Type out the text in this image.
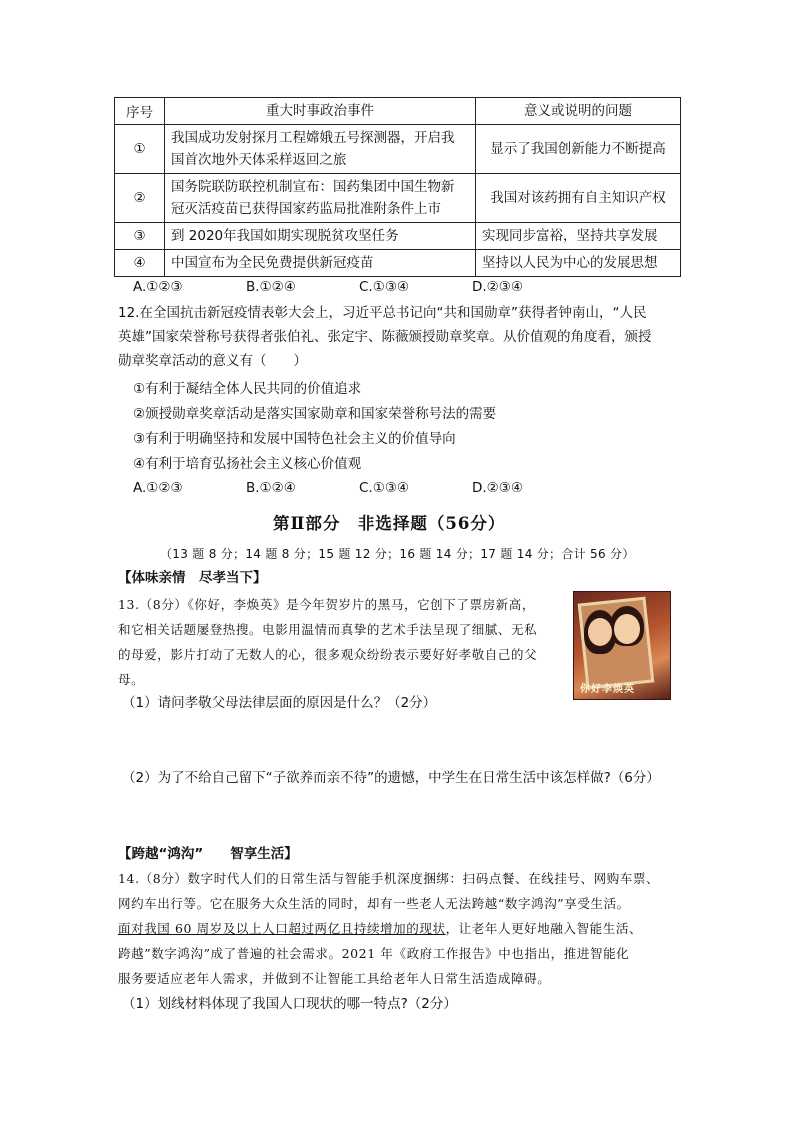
序号	重大时事政治事件	意义或说明的问题
①	我国成功发射探月工程嫦娥五号探测器，开启我
国首次地外天体采样返回之旅	显示了我国创新能力不断提高
②	国务院联防联控机制宣布：国药集团中国生物新
冠灭活疫苗已获得国家药监局批准附条件上市	我国对该药拥有自主知识产权
③	到 2020年我国如期实现脱贫攻坚任务	实现同步富裕，坚持共享发展
④	中国宣布为全民免费提供新冠疫苗	坚持以人民为中心的发展思想
A.①②③	B.①②④	C.①③④	D.②③④
12.在全国抗击新冠疫情表彰大会上，习近平总书记向“共和国勋章”获得者钟南山，“人民
英雄”国家荣誉称号获得者张伯礼、张定宇、陈薇颁授勋章奖章。从价值观的角度看，颁授
勋章奖章活动的意义有（　　）
①有利于凝结全体人民共同的价值追求
②颁授勋章奖章活动是落实国家勋章和国家荣誉称号法的需要
③有利于明确坚持和发展中国特色社会主义的价值导向
④有利于培育弘扬社会主义核心价值观
A.①②③	B.①②④	C.①③④	D.②③④
第Ⅱ部分　非选择题（56分）
（13 题 8 分；14 题 8 分；15 题 12 分；16 题 14 分；17 题 14 分；合计 56 分）
【体味亲情　尽孝当下】
13.（8分）《你好，李焕英》是今年贺岁片的黑马，它创下了票房新高，
和它相关话题屡登热搜。电影用温情而真挚的艺术手法呈现了细腻、无私
的母爱，影片打动了无数人的心，很多观众纷纷表示要好好孝敬自己的父
母。
你好李焕英
（1）请问孝敬父母法律层面的原因是什么？（2分）
（2）为了不给自己留下“子欲养而亲不待”的遗憾，中学生在日常生活中该怎样做?（6分）
【跨越“鸿沟”　　智享生活】
14.（8分）数字时代人们的日常生活与智能手机深度捆绑：扫码点餐、在线挂号、网购车票、
网约车出行等。它在服务大众生活的同时，却有一些老人无法跨越“数字鸿沟”享受生活。
面对我国 60 周岁及以上人口超过两亿且持续增加的现状，让老年人更好地融入智能生活、
跨越”数字鸿沟”成了普遍的社会需求。2021 年《政府工作报告》中也指出，推进智能化
服务要适应老年人需求，并做到不让智能工具给老年人日常生活造成障碍。
（1）划线材料体现了我国人口现状的哪一特点?（2分）
